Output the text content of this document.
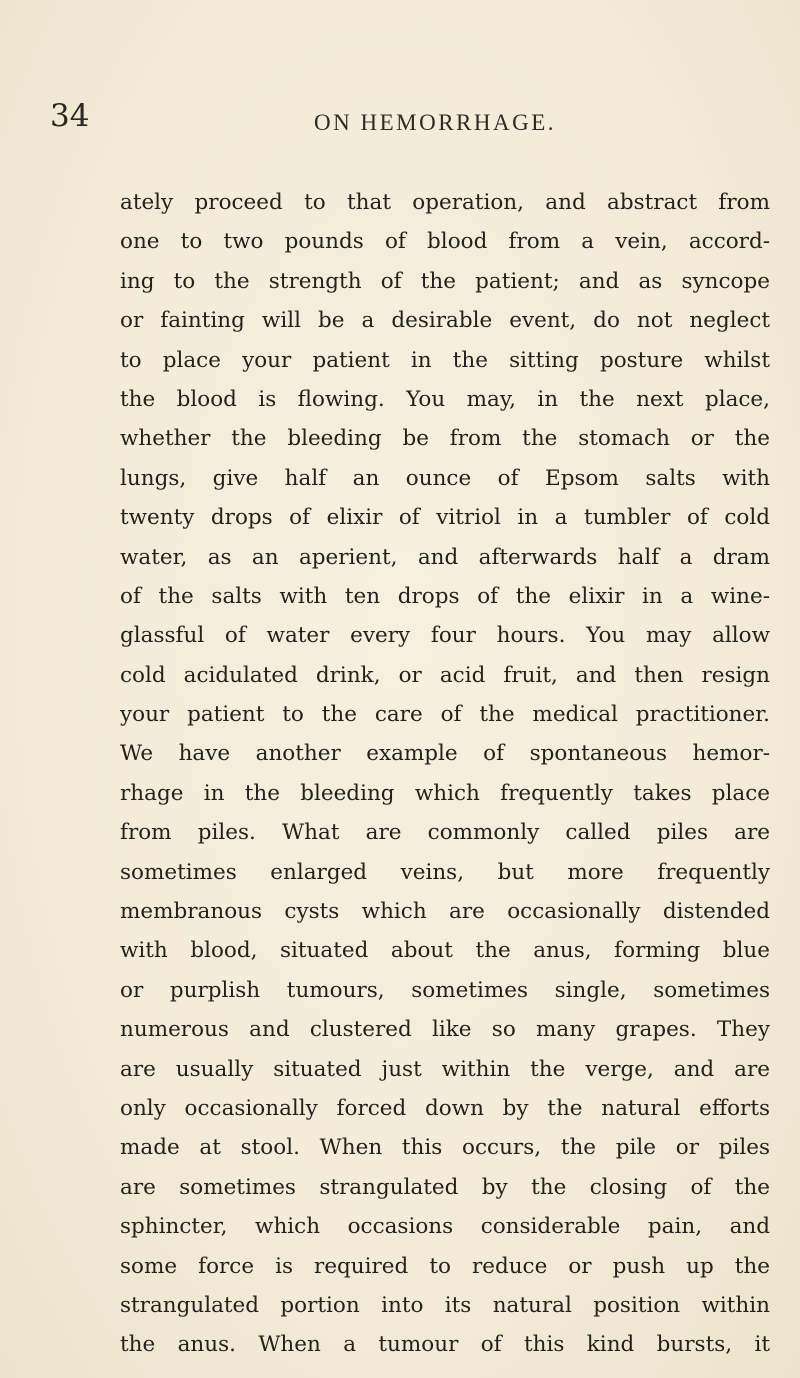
34	ON HEMORRHAGE.
ately proceed to that operation, and abstract from
one to two pounds of blood from a vein, accord-
ing to the strength of the patient; and as syncope
or fainting will be a desirable event, do not neglect
to place your patient in the sitting posture whilst
the blood is flowing. You may, in the next place,
whether the bleeding be from the stomach or the
lungs, give half an ounce of Epsom salts with
twenty drops of elixir of vitriol in a tumbler of cold
water, as an aperient, and afterwards half a dram
of the salts with ten drops of the elixir in a wine-
glassful of water every four hours. You may allow
cold acidulated drink, or acid fruit, and then resign
your patient to the care of the medical practitioner.
We have another example of spontaneous hemor-
rhage in the bleeding which frequently takes place
from piles. What are commonly called piles are
sometimes enlarged veins, but more frequently
membranous cysts which are occasionally distended
with blood, situated about the anus, forming blue
or purplish tumours, sometimes single, sometimes
numerous and clustered like so many grapes. They
are usually situated just within the verge, and are
only occasionally forced down by the natural efforts
made at stool. When this occurs, the pile or piles
are sometimes strangulated by the closing of the
sphincter, which occasions considerable pain, and
some force is required to reduce or push up the
strangulated portion into its natural position within
the anus. When a tumour of this kind bursts, it
